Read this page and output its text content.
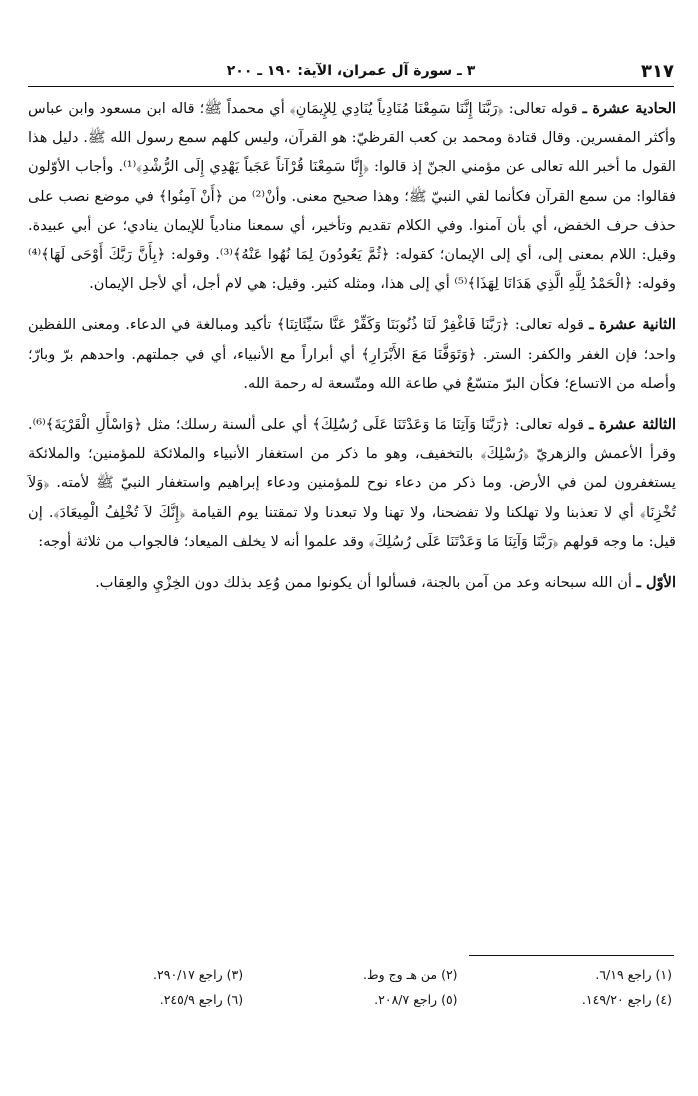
٣١٧
٣ ـ سورة آل عمران، الآية: ١٩٠ ـ ٢٠٠

الحادية عشرة ـ قوله تعالى: ﴿رَبَّنَا إِنَّنَا سَمِعْنَا مُنَادِياً يُنَادِي لِلإِيمَانِ﴾ أي محمداً ﷺ؛ قاله ابن مسعود وابن عباس وأكثر المفسرين. وقال قتادة ومحمد بن كعب القرظيّ: هو القرآن، وليس كلهم سمع رسول الله ﷺ. دليل هذا القول ما أخبر الله تعالى عن مؤمني الجنّ إذ قالوا: ﴿إِنَّا سَمِعْنَا قُرْآناً عَجَباً يَهْدِي إِلَى الرُّشْدِ﴾⁽¹⁾. وأجاب الأوّلون فقالوا: من سمع القرآن فكأنما لقي النبيّ ﷺ؛ وهذا صحيح معنى. وأنْ⁽²⁾ من ﴿أَنْ آمِنُوا﴾ في موضع نصب على حذف حرف الخفض، أي بأن آمنوا. وفي الكلام تقديم وتأخير، أي سمعنا منادياً للإيمان ينادي؛ عن أبي عبيدة. وقيل: اللام بمعنى إلى، أي إلى الإيمان؛ كقوله: ﴿ثُمَّ يَعُودُونَ لِمَا نُهُوا عَنْهُ﴾⁽³⁾. وقوله: ﴿بِأَنَّ رَبَّكَ أَوْحَى لَهَا﴾⁽⁴⁾ وقوله: ﴿الْحَمْدُ لِلَّهِ الَّذِي هَدَانَا لِهَذَا﴾⁽⁵⁾ أي إلى هذا، ومثله كثير. وقيل: هي لام أجل، أي لأجل الإيمان.

الثانية عشرة ـ قوله تعالى: ﴿رَبَّنَا فَاغْفِرْ لَنَا ذُنُوبَنَا وَكَفِّرْ عَنَّا سَيِّئَاتِنَا﴾ تأكيد ومبالغة في الدعاء. ومعنى اللفظين واحد؛ فإن الغفر والكفر: الستر. ﴿وَتَوَفَّنَا مَعَ الأَبْرَارِ﴾ أي أبراراً مع الأنبياء، أي في جملتهم. واحدهم برّ وبارّ؛ وأصله من الاتساع؛ فكأن البرّ متسّعٌ في طاعة الله ومتّسعة له رحمة الله.

الثالثة عشرة ـ قوله تعالى: ﴿رَبَّنَا وَآتِنَا مَا وَعَدْتَنَا عَلَى رُسُلِكَ﴾ أي على ألسنة رسلك؛ مثل ﴿وَاسْأَلِ الْقَرْيَةَ﴾⁽⁶⁾. وقرأ الأعمش والزهريّ ﴿رُسْلِكَ﴾ بالتخفيف، وهو ما ذكر من استغفار الأنبياء والملائكة للمؤمنين؛ والملائكة يستغفرون لمن في الأرض. وما ذكر من دعاء نوح للمؤمنين ودعاء إبراهيم واستغفار النبيّ ﷺ لأمته. ﴿وَلاَ تُخْزِنَا﴾ أي لا تعذبنا ولا تهلكنا ولا تفضحنا، ولا تهنا ولا تبعدنا ولا تمقتنا يوم القيامة ﴿إِنَّكَ لاَ تُخْلِفُ الْمِيعَادَ﴾. إن قيل: ما وجه قولهم ﴿رَبَّنَا وَآتِنَا مَا وَعَدْتَنَا عَلَى رُسُلِكَ﴾ وقد علموا أنه لا يخلف الميعاد؛ فالجواب من ثلاثة أوجه:

الأوّل ـ أن الله سبحانه وعد من آمن بالجنة، فسألوا أن يكونوا ممن وُعِد بذلك دون الخِزْيِ والعِقاب.

(١) راجع ٦/١٩.
(٢) من هـ وج وط.
(٣) راجع ٢٩٠/١٧.
(٤) راجع ١٤٩/٢٠.
(٥) راجع ٢٠٨/٧.
(٦) راجع ٢٤٥/٩.
